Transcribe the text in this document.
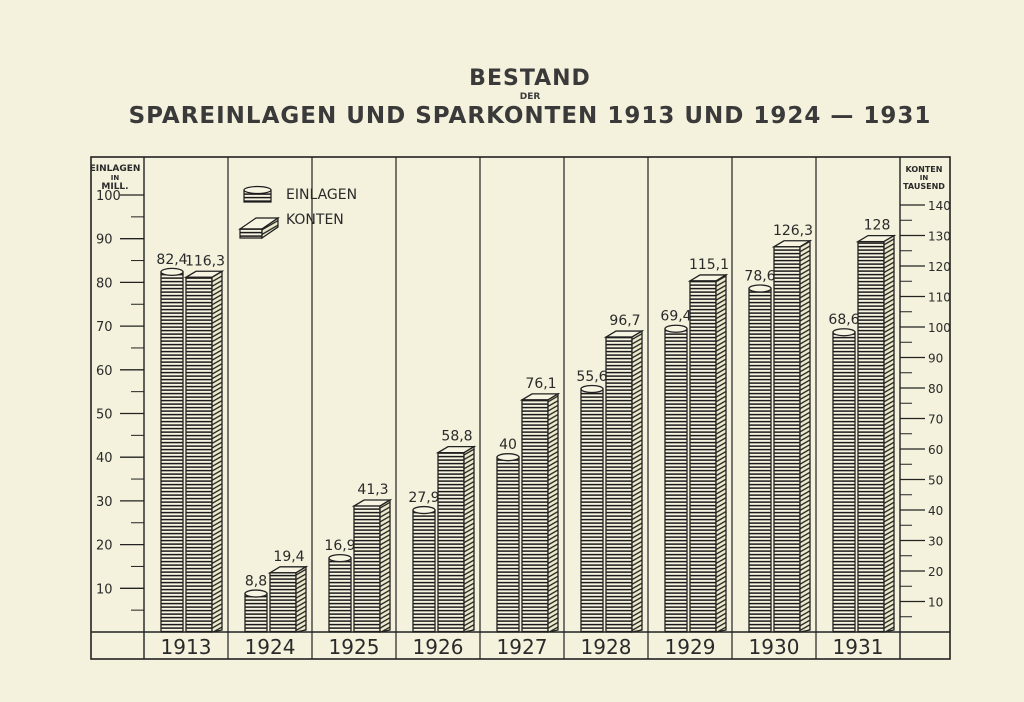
BESTAND
DER
SPAREINLAGEN UND SPARKONTEN 1913 UND 1924 — 1931
10
20
30
40
50
60
70
80
90
100
10
20
30
40
50
60
70
80
90
100
110
120
130
140
1913 1924 1925 1926 1927 1928 1929 1930 1931
82,4
116,3
8,8
19,4
16,9
41,3
27,9
58,8
40
76,1 55,6
96,7 69,4
115,1
78,6
126,3
68,6
128
EINLAGEN
KONTEN
EINLAGEN
IN
MILL.
KONTEN
IN
TAUSEND
